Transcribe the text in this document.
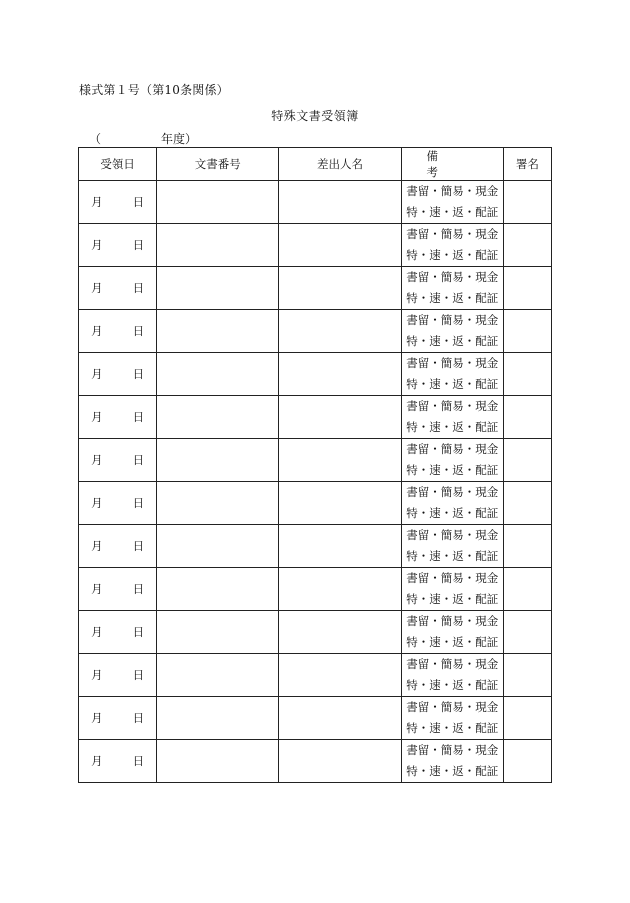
様式第１号（第10条関係）
特殊文書受領簿
（　　　　　年度）
受領日	文書番号	差出人名	備考	署名
月 日			書留・簡易・現金
特・速・返・配証	

月 日			書留・簡易・現金
特・速・返・配証	

月 日			書留・簡易・現金
特・速・返・配証	

月 日			書留・簡易・現金
特・速・返・配証	

月 日			書留・簡易・現金
特・速・返・配証	

月 日			書留・簡易・現金
特・速・返・配証	

月 日			書留・簡易・現金
特・速・返・配証	

月 日			書留・簡易・現金
特・速・返・配証	

月 日			書留・簡易・現金
特・速・返・配証	

月 日			書留・簡易・現金
特・速・返・配証	

月 日			書留・簡易・現金
特・速・返・配証	

月 日			書留・簡易・現金
特・速・返・配証	

月 日			書留・簡易・現金
特・速・返・配証	

月 日			書留・簡易・現金
特・速・返・配証	
